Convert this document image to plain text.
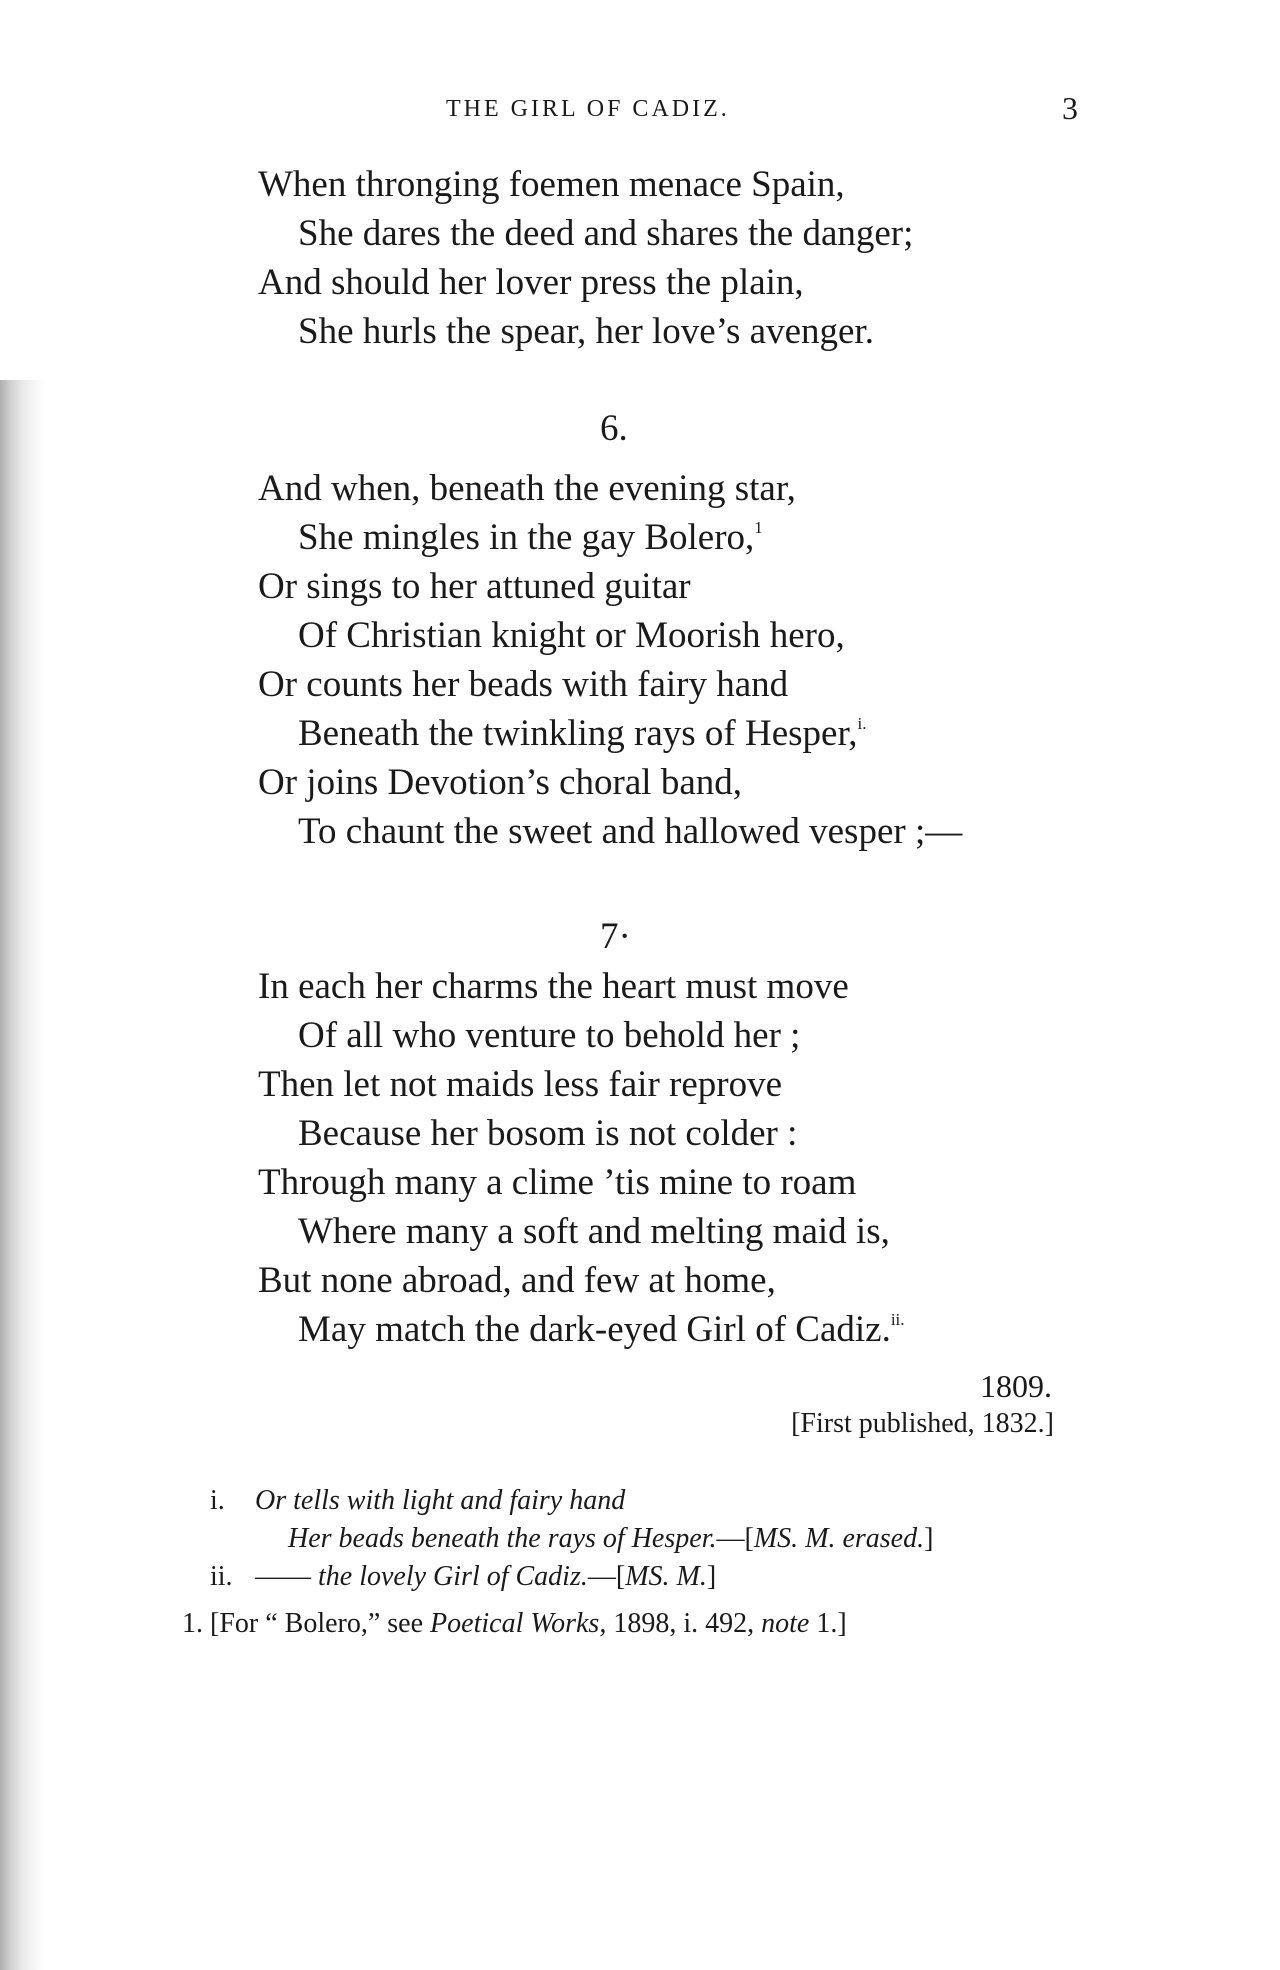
THE GIRL OF CADIZ.	3
When thronging foemen menace Spain,
She dares the deed and shares the danger;
And should her lover press the plain,
She hurls the spear, her love’s avenger.
6.
And when, beneath the evening star,
She mingles in the gay Bolero,$^1$
Or sings to her attuned guitar
Of Christian knight or Moorish hero,
Or counts her beads with fairy hand
Beneath the twinkling rays of Hesper,$^{i.}$
Or joins Devotion’s choral band,
To chaunt the sweet and hallowed vesper ;—
7·
In each her charms the heart must move
Of all who venture to behold her ;
Then let not maids less fair reprove
Because her bosom is not colder :
Through many a clime ’tis mine to roam
Where many a soft and melting maid is,
But none abroad, and few at home,
May match the dark-eyed Girl of Cadiz.$^{ii.}$
1809.
[First published, 1832.]
i. Or tells with light and fairy hand
Her beads beneath the rays of Hesper.—[MS. M. erased.]
ii. —— the lovely Girl of Cadiz.—[MS. M.]
1. [For “ Bolero,” see Poetical Works, 1898, i. 492, note 1.]
